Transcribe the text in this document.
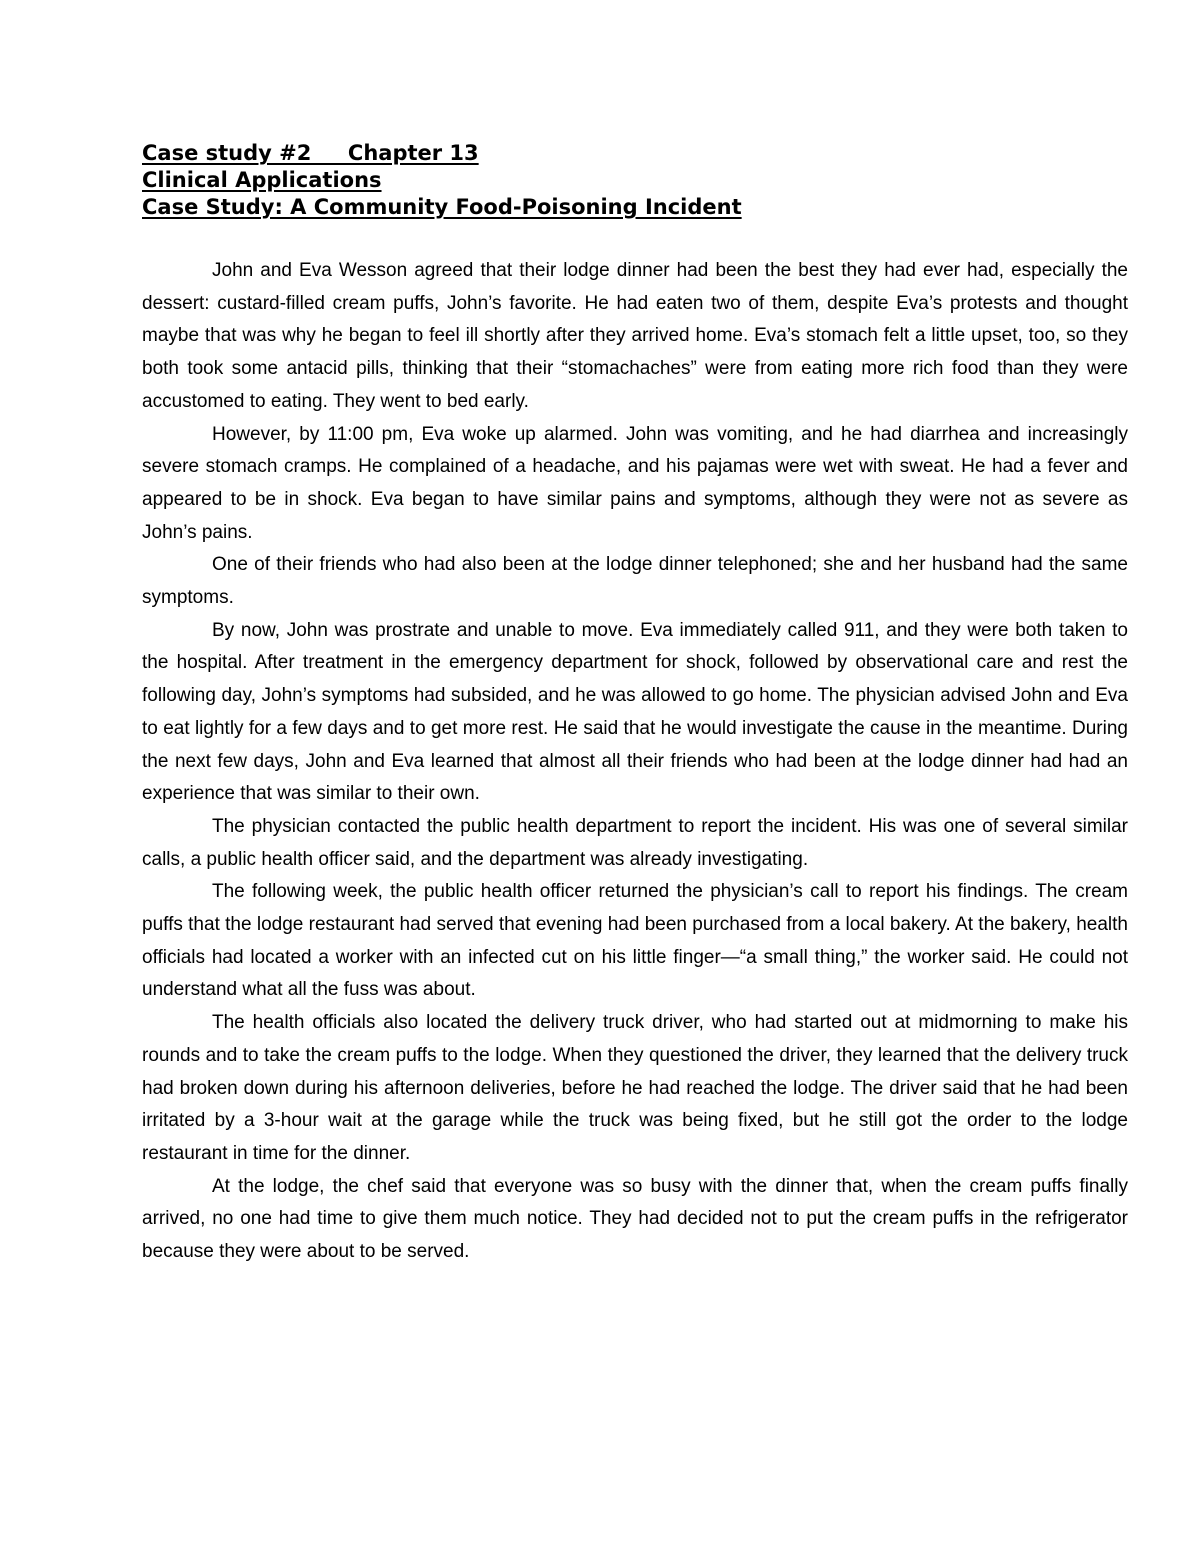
Case study #2     Chapter 13
Clinical Applications
Case Study: A Community Food-Poisoning Incident

John and Eva Wesson agreed that their lodge dinner had been the best they had ever had, especially the dessert: custard-filled cream puffs, John’s favorite. He had eaten two of them, despite Eva’s protests and thought maybe that was why he began to feel ill shortly after they arrived home. Eva’s stomach felt a little upset, too, so they both took some antacid pills, thinking that their “stomachaches” were from eating more rich food than they were accustomed to eating. They went to bed early.

However, by 11:00 pm, Eva woke up alarmed. John was vomiting, and he had diarrhea and increasingly severe stomach cramps. He complained of a headache, and his pajamas were wet with sweat. He had a fever and appeared to be in shock. Eva began to have similar pains and symptoms, although they were not as severe as John’s pains.

One of their friends who had also been at the lodge dinner telephoned; she and her husband had the same symptoms.

By now, John was prostrate and unable to move. Eva immediately called 911, and they were both taken to the hospital. After treatment in the emergency department for shock, followed by observational care and rest the following day, John’s symptoms had subsided, and he was allowed to go home. The physician advised John and Eva to eat lightly for a few days and to get more rest. He said that he would investigate the cause in the meantime. During the next few days, John and Eva learned that almost all their friends who had been at the lodge dinner had had an experience that was similar to their own.

The physician contacted the public health department to report the incident. His was one of several similar calls, a public health officer said, and the department was already investigating.

The following week, the public health officer returned the physician’s call to report his findings. The cream puffs that the lodge restaurant had served that evening had been purchased from a local bakery. At the bakery, health officials had located a worker with an infected cut on his little finger—“a small thing,” the worker said. He could not understand what all the fuss was about.

The health officials also located the delivery truck driver, who had started out at midmorning to make his rounds and to take the cream puffs to the lodge. When they questioned the driver, they learned that the delivery truck had broken down during his afternoon deliveries, before he had reached the lodge. The driver said that he had been irritated by a 3-hour wait at the garage while the truck was being fixed, but he still got the order to the lodge restaurant in time for the dinner.

At the lodge, the chef said that everyone was so busy with the dinner that, when the cream puffs finally arrived, no one had time to give them much notice. They had decided not to put the cream puffs in the refrigerator because they were about to be served.
